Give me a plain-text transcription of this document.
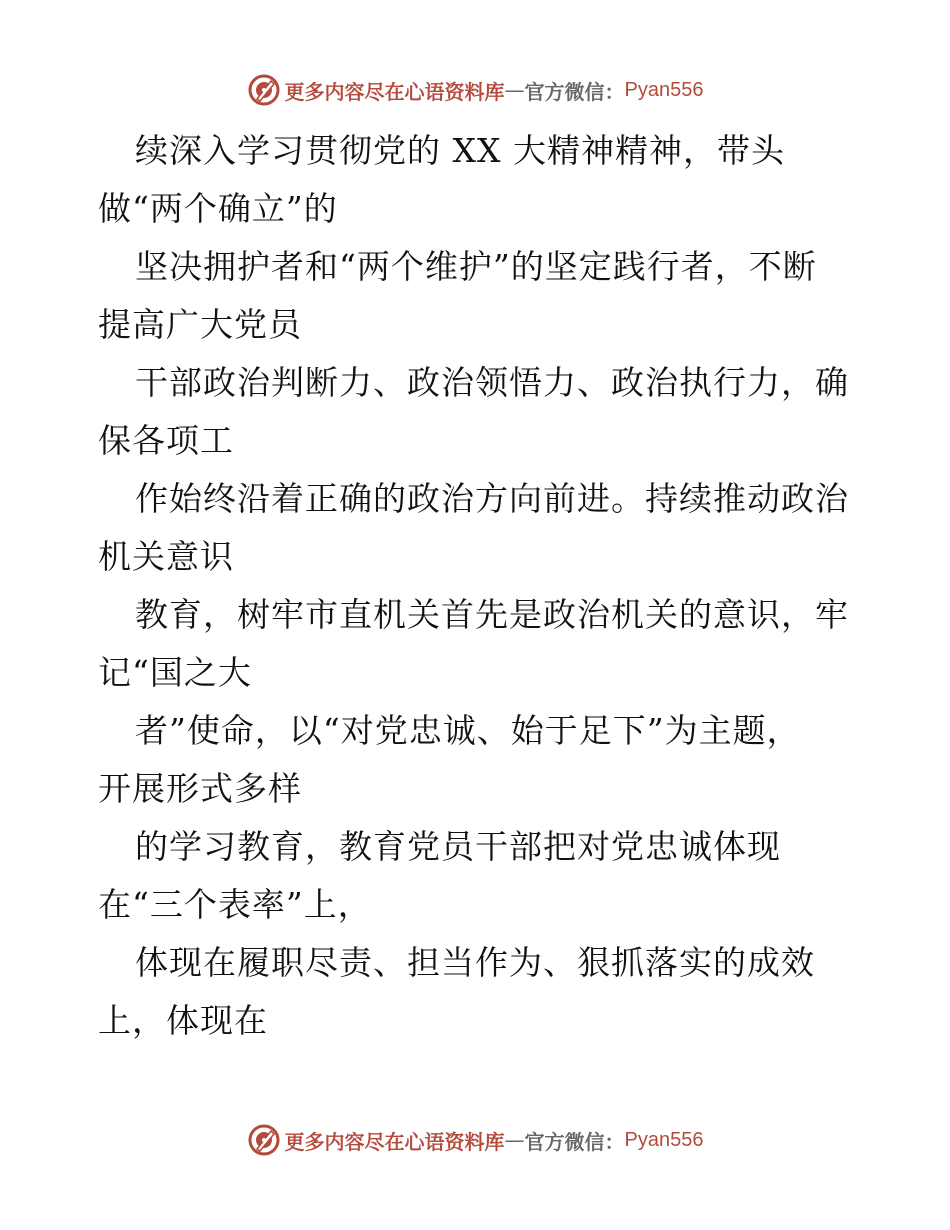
更多内容尽在心语资料库 — 官方微信： Pyan556
续深入学习贯彻党的 XX 大精神精神，带头
做“两个确立”的
坚决拥护者和“两个维护”的坚定践行者，不断
提高广大党员
干部政治判断力、政治领悟力、政治执行力，确
保各项工
作始终沿着正确的政治方向前进。持续推动政治
机关意识
教育，树牢市直机关首先是政治机关的意识，牢
记“国之大
者”使命，以“对党忠诚、始于足下”为主题，
开展形式多样
的学习教育，教育党员干部把对党忠诚体现
在“三个表率”上，
体现在履职尽责、担当作为、狠抓落实的成效
上，体现在
更多内容尽在心语资料库 — 官方微信： Pyan556
